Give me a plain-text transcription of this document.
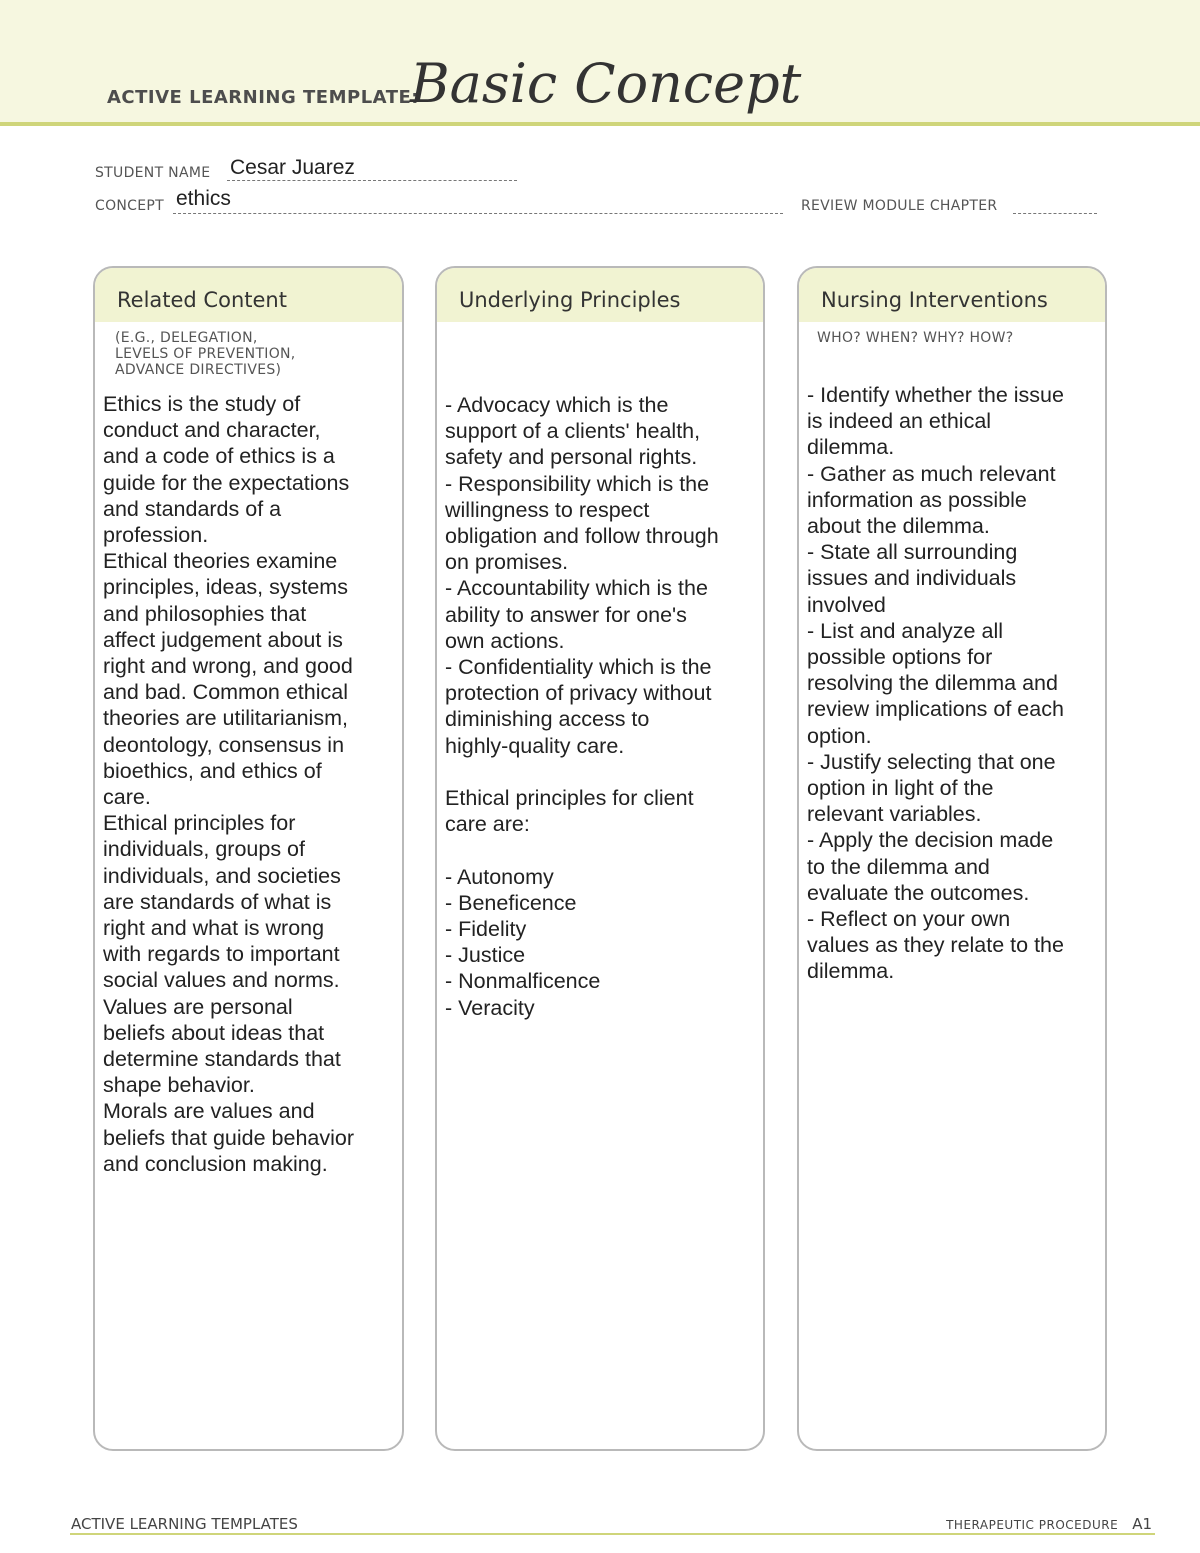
ACTIVE LEARNING TEMPLATE:
Basic Concept
STUDENT NAME Cesar Juarez
CONCEPT ethics	REVIEW MODULE CHAPTER
Related Content
(E.G., DELEGATION,
LEVELS OF PREVENTION,
ADVANCE DIRECTIVES)
Ethics is the study of
conduct and character,
and a code of ethics is a
guide for the expectations
and standards of a
profession.
Ethical theories examine
principles, ideas, systems
and philosophies that
affect judgement about is
right and wrong, and good
and bad. Common ethical
theories are utilitarianism,
deontology, consensus in
bioethics, and ethics of
care.
Ethical principles for
individuals, groups of
individuals, and societies
are standards of what is
right and what is wrong
with regards to important
social values and norms.
Values are personal
beliefs about ideas that
determine standards that
shape behavior.
Morals are values and
beliefs that guide behavior
and conclusion making.
Underlying Principles
- Advocacy which is the
support of a clients' health,
safety and personal rights.
- Responsibility which is the
willingness to respect
obligation and follow through
on promises.
- Accountability which is the
ability to answer for one's
own actions.
- Confidentiality which is the
protection of privacy without
diminishing access to
highly-quality care.

Ethical principles for client
care are:

- Autonomy
- Beneficence
- Fidelity
- Justice
- Nonmalficence
- Veracity
Nursing Interventions
WHO? WHEN? WHY? HOW?
- Identify whether the issue
is indeed an ethical
dilemma.
- Gather as much relevant
information as possible
about the dilemma.
- State all surrounding
issues and individuals
involved
- List and analyze all
possible options for
resolving the dilemma and
review implications of each
option.
- Justify selecting that one
option in light of the
relevant variables.
- Apply the decision made
to the dilemma and
evaluate the outcomes.
- Reflect on your own
values as they relate to the
dilemma.
ACTIVE LEARNING TEMPLATES	THERAPEUTIC PROCEDURE A1
